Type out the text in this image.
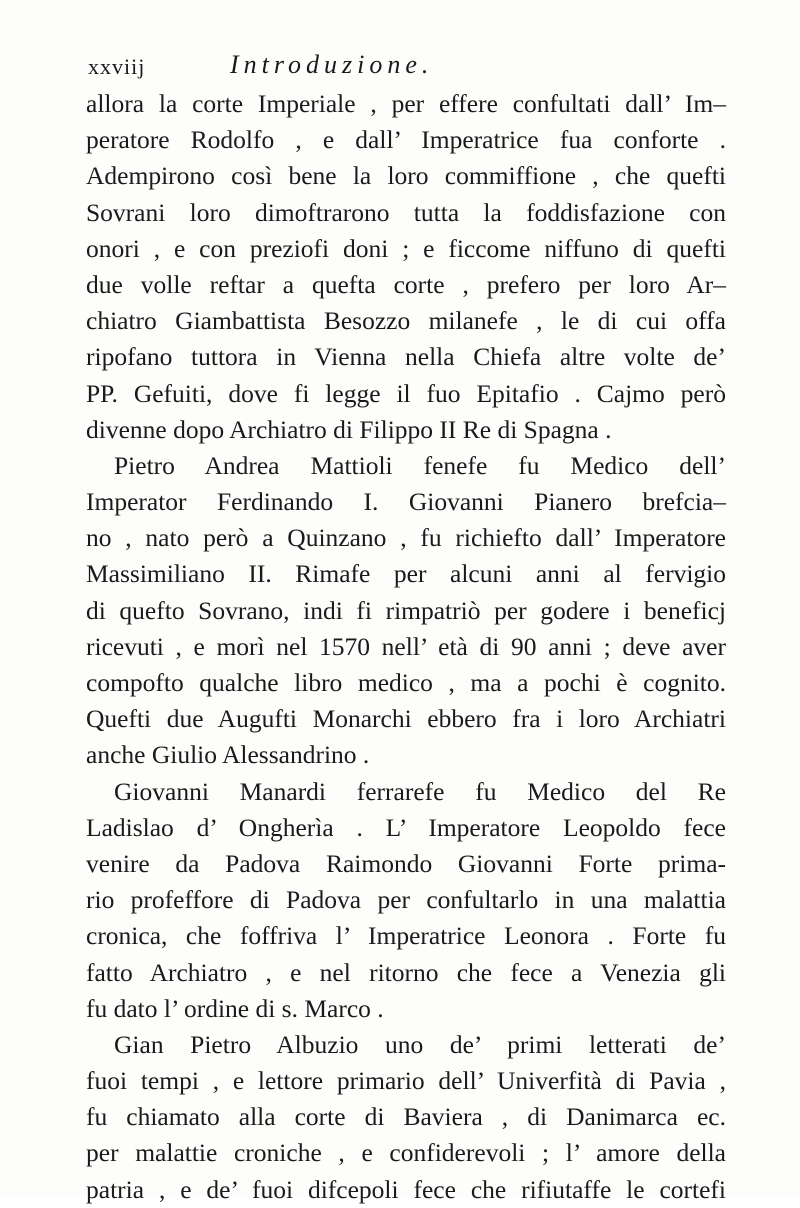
xxviij	Introduzione.
allora la corte Imperiale , per effere confultati dall’ Im–
peratore Rodolfo , e dall’ Imperatrice fua conforte .
Adempirono così bene la loro commiffione , che quefti
Sovrani loro dimoftrarono tutta la foddisfazione con
onori , e con preziofi doni ; e ficcome niffuno di quefti
due volle reftar a quefta corte , prefero per loro Ar–
chiatro Giambattista Besozzo milanefe , le di cui offa
ripofano tuttora in Vienna nella Chiefa altre volte de’
PP. Gefuiti, dove fi legge il fuo Epitafio . Cajmo però
divenne dopo Archiatro di Filippo II Re di Spagna .
Pietro Andrea Mattioli fenefe fu Medico dell’
Imperator Ferdinando I. Giovanni Pianero brefcia–
no , nato però a Quinzano , fu richiefto dall’ Imperatore
Massimiliano II. Rimafe per alcuni anni al fervigio
di quefto Sovrano, indi fi rimpatriò per godere i beneficj
ricevuti , e morì nel 1570 nell’ età di 90 anni ; deve aver
compofto qualche libro medico , ma a pochi è cognito.
Quefti due Augufti Monarchi ebbero fra i loro Archiatri
anche Giulio Alessandrino .
Giovanni Manardi ferrarefe fu Medico del Re
Ladislao d’ Ongherìa . L’ Imperatore Leopoldo fece
venire da Padova Raimondo Giovanni Forte prima-
rio profeffore di Padova per confultarlo in una malattia
cronica, che foffriva l’ Imperatrice Leonora . Forte fu
fatto Archiatro , e nel ritorno che fece a Venezia gli
fu dato l’ ordine di s. Marco .
Gian Pietro Albuzio uno de’ primi letterati de’
fuoi tempi , e lettore primario dell’ Univerfità di Pavia ,
fu chiamato alla corte di Baviera , di Danimarca ec.
per malattie croniche , e confiderevoli ; l’ amore della
patria , e de’ fuoi difcepoli fece che rifiutaffe le cortefi
